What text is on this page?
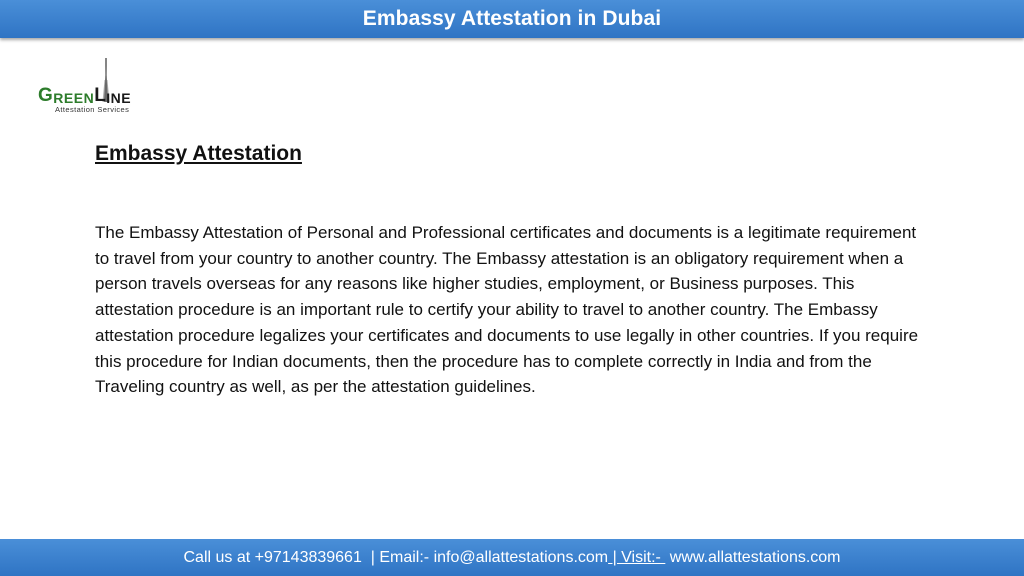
Embassy Attestation in Dubai
G REEN L INE
Attestation Services
Embassy Attestation
The Embassy Attestation of Personal and Professional certificates and documents is a legitimate requirement to travel from your country to another country. The Embassy attestation is an obligatory requirement when a person travels overseas for any reasons like higher studies, employment, or Business purposes. This attestation procedure is an important rule to certify your ability to travel to another country. The Embassy attestation procedure legalizes your certificates and documents to use legally in other countries. If you require this procedure for Indian documents, then the procedure has to complete correctly in India and from the Traveling country as well, as per the attestation guidelines.
Call us at +97143839661  | Email:- info@allattestations.com | Visit:- www.allattestations.com
